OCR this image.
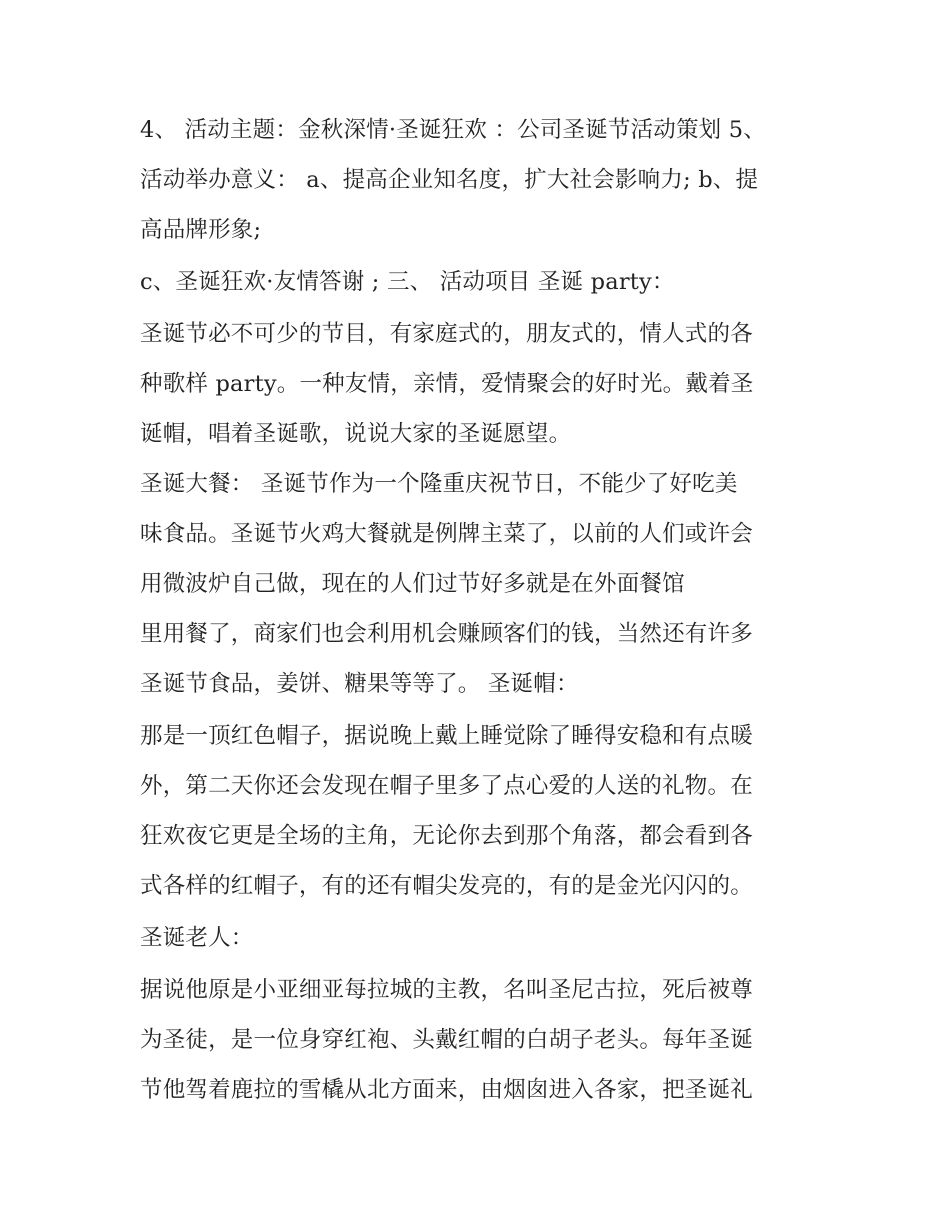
4、 活动主题：金秋深情·圣诞狂欢 ：公司圣诞节活动策划 5、
活动举办意义： a、提高企业知名度，扩大社会影响力; b、提
高品牌形象;
c、圣诞狂欢·友情答谢 ; 三、 活动项目 圣诞 party：
圣诞节必不可少的节目，有家庭式的，朋友式的，情人式的各
种歌样 party。一种友情，亲情，爱情聚会的好时光。戴着圣
诞帽，唱着圣诞歌，说说大家的圣诞愿望。
圣诞大餐： 圣诞节作为一个隆重庆祝节日，不能少了好吃美
味食品。圣诞节火鸡大餐就是例牌主菜了，以前的人们或许会
用微波炉自己做，现在的人们过节好多就是在外面餐馆
里用餐了，商家们也会利用机会赚顾客们的钱，当然还有许多
圣诞节食品，姜饼、糖果等等了。 圣诞帽：
那是一顶红色帽子，据说晚上戴上睡觉除了睡得安稳和有点暖
外，第二天你还会发现在帽子里多了点心爱的人送的礼物。在
狂欢夜它更是全场的主角，无论你去到那个角落，都会看到各
式各样的红帽子，有的还有帽尖发亮的，有的是金光闪闪的。
圣诞老人：
据说他原是小亚细亚每拉城的主教，名叫圣尼古拉，死后被尊
为圣徒，是一位身穿红袍、头戴红帽的白胡子老头。每年圣诞
节他驾着鹿拉的雪橇从北方面来，由烟囱进入各家，把圣诞礼
